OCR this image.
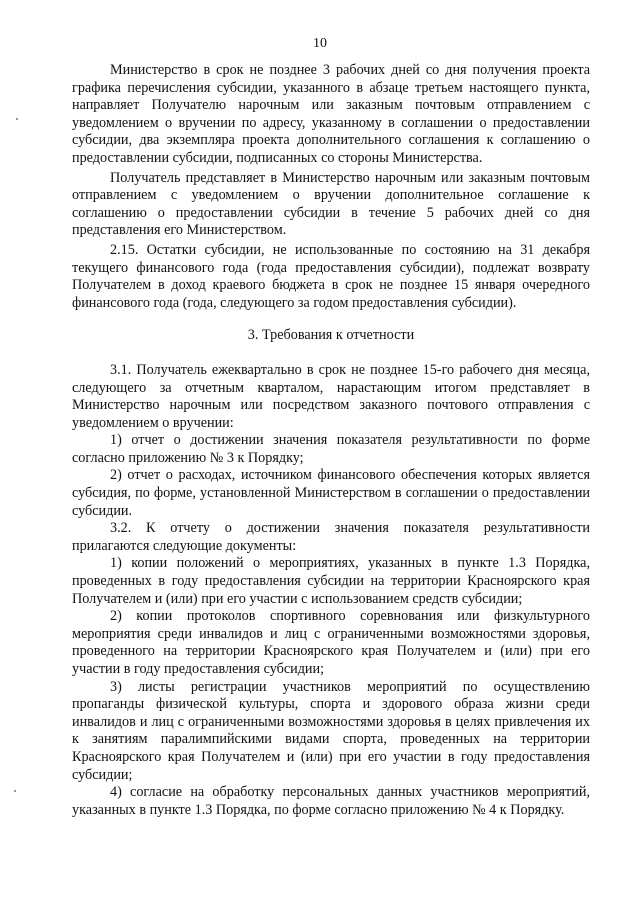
10

Министерство в срок не позднее 3 рабочих дней со дня получения проекта графика перечисления субсидии, указанного в абзаце третьем настоящего пункта, направляет Получателю нарочным или заказным почтовым отправлением с уведомлением о вручении по адресу, указанному в соглашении о предоставлении субсидии, два экземпляра проекта дополнительного соглашения к соглашению о предоставлении субсидии, подписанных со стороны Министерства.

Получатель представляет в Министерство нарочным или заказным почтовым отправлением с уведомлением о вручении дополнительное соглашение к соглашению о предоставлении субсидии в течение 5 рабочих дней со дня представления его Министерством.

2.15. Остатки субсидии, не использованные по состоянию на 31 декабря текущего финансового года (года предоставления субсидии), подлежат возврату Получателем в доход краевого бюджета в срок не позднее 15 января очередного финансового года (года, следующего за годом предоставления субсидии).

3. Требования к отчетности

3.1. Получатель ежеквартально в срок не позднее 15-го рабочего дня месяца, следующего за отчетным кварталом, нарастающим итогом представляет в Министерство нарочным или посредством заказного почтового отправления с уведомлением о вручении:

1) отчет о достижении значения показателя результативности по форме согласно приложению № 3 к Порядку;

2) отчет о расходах, источником финансового обеспечения которых является субсидия, по форме, установленной Министерством в соглашении о предоставлении субсидии.

3.2. К отчету о достижении значения показателя результативности прилагаются следующие документы:

1) копии положений о мероприятиях, указанных в пункте 1.3 Порядка, проведенных в году предоставления субсидии на территории Красноярского края Получателем и (или) при его участии с использованием средств субсидии;

2) копии протоколов спортивного соревнования или физкультурного мероприятия среди инвалидов и лиц с ограниченными возможностями здоровья, проведенного на территории Красноярского края Получателем и (или) при его участии в году предоставления субсидии;

3) листы регистрации участников мероприятий по осуществлению пропаганды физической культуры, спорта и здорового образа жизни среди инвалидов и лиц с ограниченными возможностями здоровья в целях привлечения их к занятиям паралимпийскими видами спорта, проведенных на территории Красноярского края Получателем и (или) при его участии в году предоставления субсидии;

4) согласие на обработку персональных данных участников мероприятий, указанных в пункте 1.3 Порядка, по форме согласно приложению № 4 к Порядку.
